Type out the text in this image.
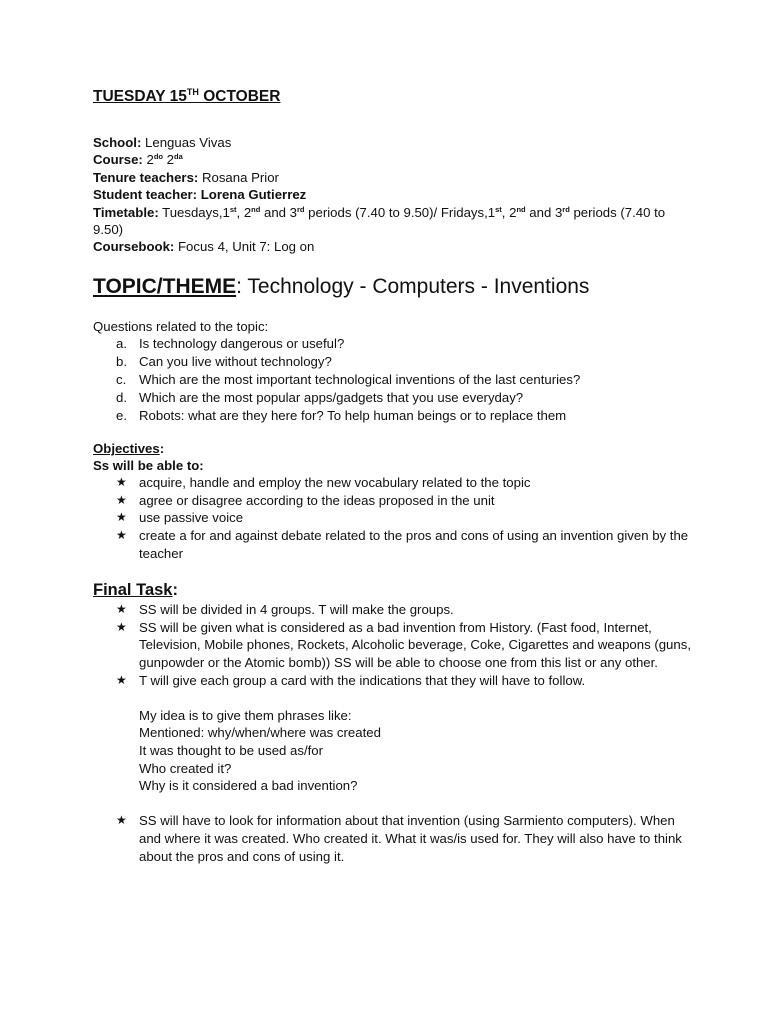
TUESDAY 15TH OCTOBER
School: Lenguas Vivas
Course: $2^{do}$ $2^{da}$
Tenure teachers: Rosana Prior
Student teacher: Lorena Gutierrez
Timetable: Tuesdays,1st, 2nd and 3rd periods (7.40 to 9.50)/ Fridays,1st, 2nd and 3rd periods (7.40 to 9.50)
Coursebook: Focus 4, Unit 7: Log on
TOPIC/THEME: Technology - Computers - Inventions
Questions related to the topic:
a. Is technology dangerous or useful?
b. Can you live without technology?
c. Which are the most important technological inventions of the last centuries?
d. Which are the most popular apps/gadgets that you use everyday?
e. Robots: what are they here for? To help human beings or to replace them
Objectives:
Ss will be able to:
★ acquire, handle and employ the new vocabulary related to the topic
★ agree or disagree according to the ideas proposed in the unit
★ use passive voice
★ create a for and against debate related to the pros and cons of using an invention given by the teacher
Final Task:
★ SS will be divided in 4 groups. T will make the groups.
★ SS will be given what is considered as a bad invention from History. (Fast food, Internet, Television, Mobile phones, Rockets, Alcoholic beverage, Coke, Cigarettes and weapons (guns, gunpowder or the Atomic bomb)) SS will be able to choose one from this list or any other.
★ T will give each group a card with the indications that they will have to follow.
My idea is to give them phrases like:
Mentioned: why/when/where was created
It was thought to be used as/for
Who created it?
Why is it considered a bad invention?
★ SS will have to look for information about that invention (using Sarmiento computers). When and where it was created. Who created it. What it was/is used for. They will also have to think about the pros and cons of using it.
